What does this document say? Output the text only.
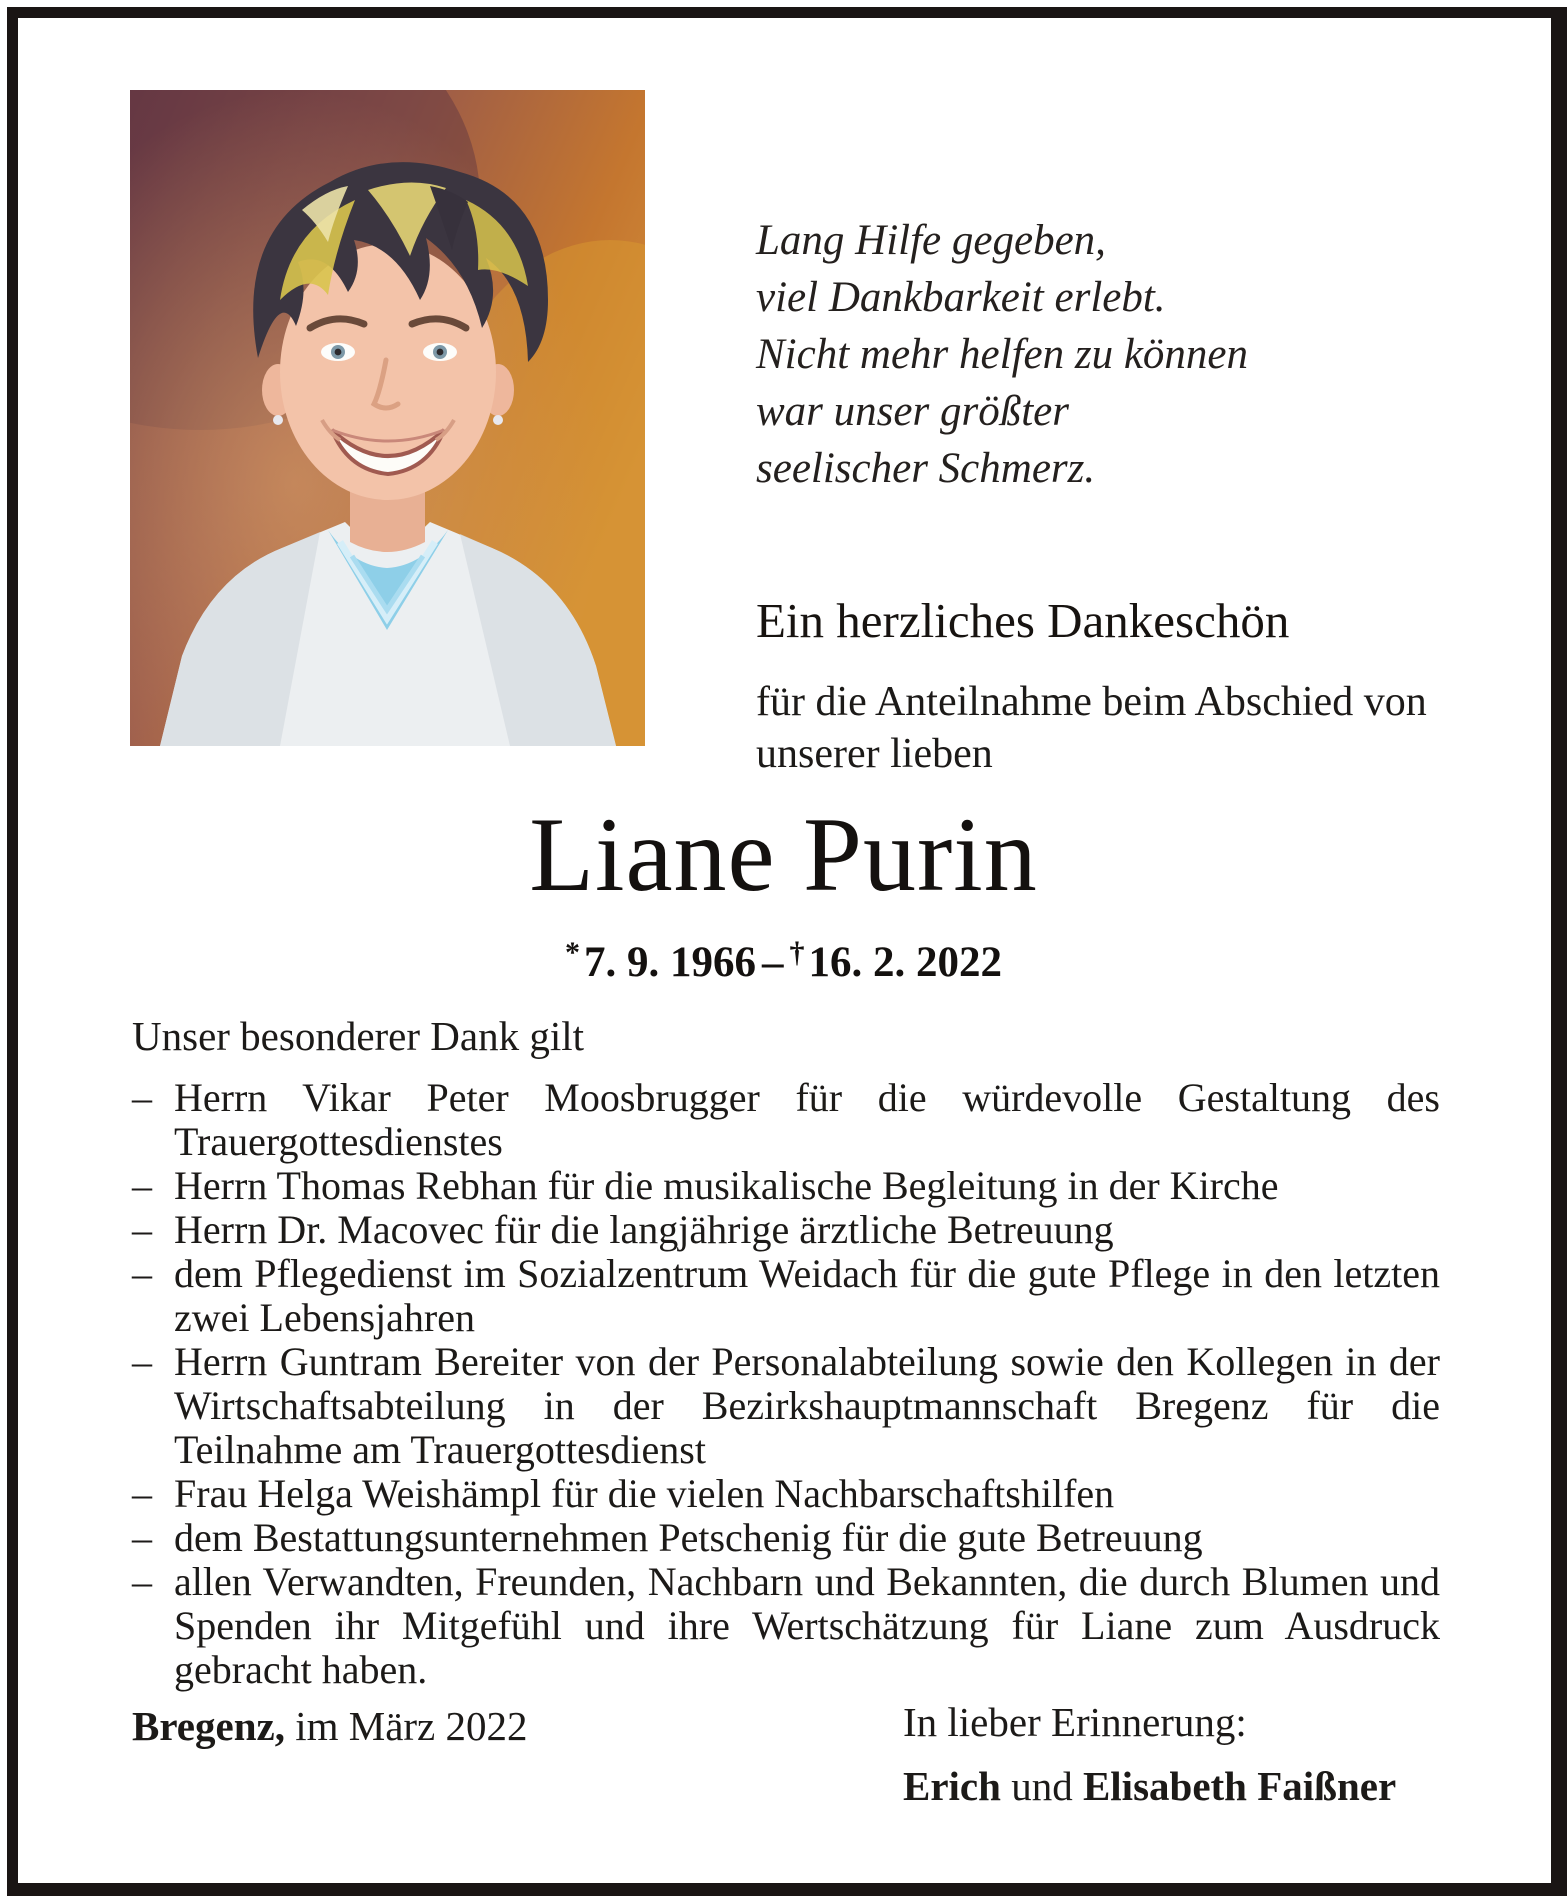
Lang Hilfe gegeben,
viel Dankbarkeit erlebt.
Nicht mehr helfen zu können
war unser größter
seelischer Schmerz.
Ein herzliches Dankeschön
für die Anteilnahme beim Abschied von
unserer lieben
Liane Purin
*7. 9. 1966 – †16. 2. 2022
Unser besonderer Dank gilt
– Herrn Vikar Peter Moosbrugger für die würdevolle Gestaltung des Trauergottesdienstes
– Herrn Thomas Rebhan für die musikalische Begleitung in der Kirche
– Herrn Dr. Macovec für die langjährige ärztliche Betreuung
– dem Pflegedienst im Sozialzentrum Weidach für die gute Pflege in den letzten zwei Lebensjahren
– Herrn Guntram Bereiter von der Personalabteilung sowie den Kollegen in der Wirtschaftsabteilung in der Bezirkshauptmannschaft Bregenz für die Teilnahme am Trauergottesdienst
– Frau Helga Weishämpl für die vielen Nachbarschaftshilfen
– dem Bestattungsunternehmen Petschenig für die gute Betreuung
– allen Verwandten, Freunden, Nachbarn und Bekannten, die durch Blumen und Spenden ihr Mitgefühl und ihre Wertschätzung für Liane zum Ausdruck gebracht haben.
Bregenz, im März 2022	In lieber Erinnerung:
Erich und Elisabeth Faißner
